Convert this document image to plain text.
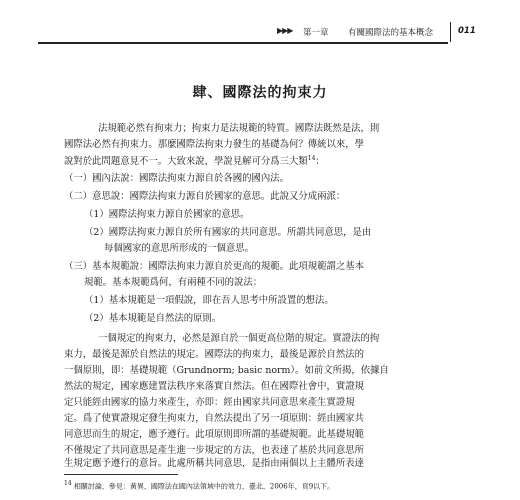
▶▶▶ 第一章 有關國際法的基本概念	011
肆、國際法的拘束力
法規範必然有拘束力；拘束力是法規範的特質。國際法既然是法，則
國際法必然有拘束力。那麼國際法拘束力發生的基礎為何？傳統以來，學
說對於此問題意見不一。大致來說，學說見解可分爲三大類$^{14}$：
（一）國內法說：國際法拘束力源自於各國的國內法。
（二）意思說：國際法拘束力源自於國家的意思。此說又分成兩派：
（1）國際法拘束力源自於國家的意思。
（2）國際法拘束力源自於所有國家的共同意思。所謂共同意思，是由
每個國家的意思所形成的一個意思。
（三）基本規範說：國際法拘束力源自於更高的規範。此項規範謂之基本
規範。基本規範爲何，有兩種不同的說法：
（1）基本規範是一項假說，即在吾人思考中所設置的想法。
（2）基本規範是自然法的原則。
一個規定的拘束力，必然是源自於一個更高位階的規定。實證法的拘
束力，最後是源於自然法的規定。國際法的拘束力，最後是源於自然法的
一個原則，即：基礎規範（Grundnorm; basic norm）。如前文所揭，依據自
然法的規定，國家應建置法秩序來落實自然法。但在國際社會中，實證規
定只能經由國家的協力來產生，亦即：經由國家共同意思來產生實證規
定。爲了使實證規定發生拘束力，自然法提出了另一項原則：經由國家共
同意思而生的規定，應予遵行。此項原則即所謂的基礎規範。此基礎規範
不僅規定了共同意思是產生進一步規定的方法，也表達了基於共同意思所
$^{14}$ 相關討論，參見：黃異，國際法在國內法領域中的效力，臺北，2006年，頁9以下。
生規定應予遵行的意旨。此處所稱共同意思，是指由兩個以上主體所表達
